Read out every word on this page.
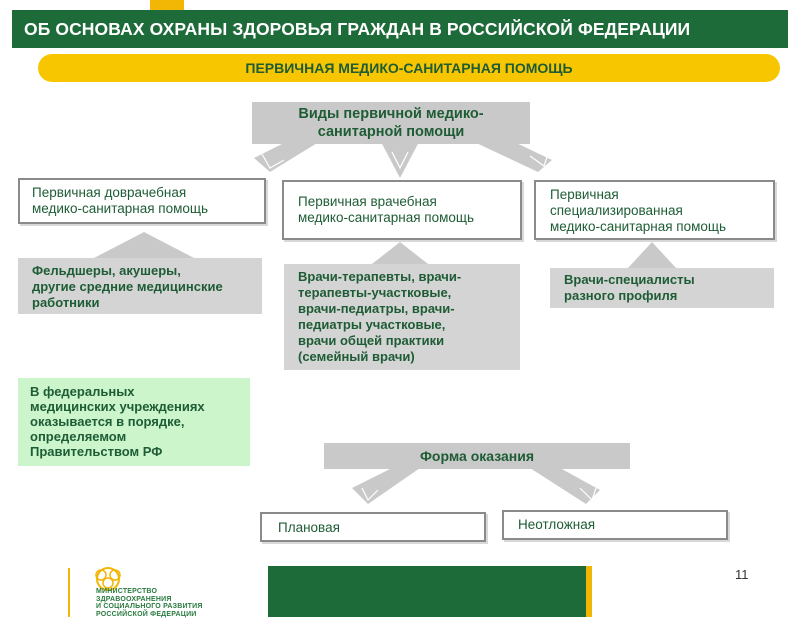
ОБ ОСНОВАХ ОХРАНЫ ЗДОРОВЬЯ ГРАЖДАН В РОССИЙСКОЙ ФЕДЕРАЦИИ
ПЕРВИЧНАЯ МЕДИКО-САНИТАРНАЯ ПОМОЩЬ
Виды первичной медико-
санитарной помощи
Первичная доврачебная
медико-санитарная помощь	Первичная врачебная
медико-санитарная помощь
Первичная
специализированная
медико-санитарная помощь
Фельдшеры, акушеры,
другие средние медицинские
работники
Врачи-терапевты, врачи-
терапевты-участковые,
врачи-педиатры, врачи-
педиатры участковые,
врачи общей практики
(семейный врачи)
Врачи-специалисты
разного профиля
В федеральных
медицинских учреждениях
оказывается в порядке,
определяемом
Правительством РФ	Форма оказания
Плановая	Неотложная
МИНИСТЕРСТВО
ЗДРАВООХРАНЕНИЯ
И СОЦИАЛЬНОГО РАЗВИТИЯ
РОССИЙСКОЙ ФЕДЕРАЦИИ
11
